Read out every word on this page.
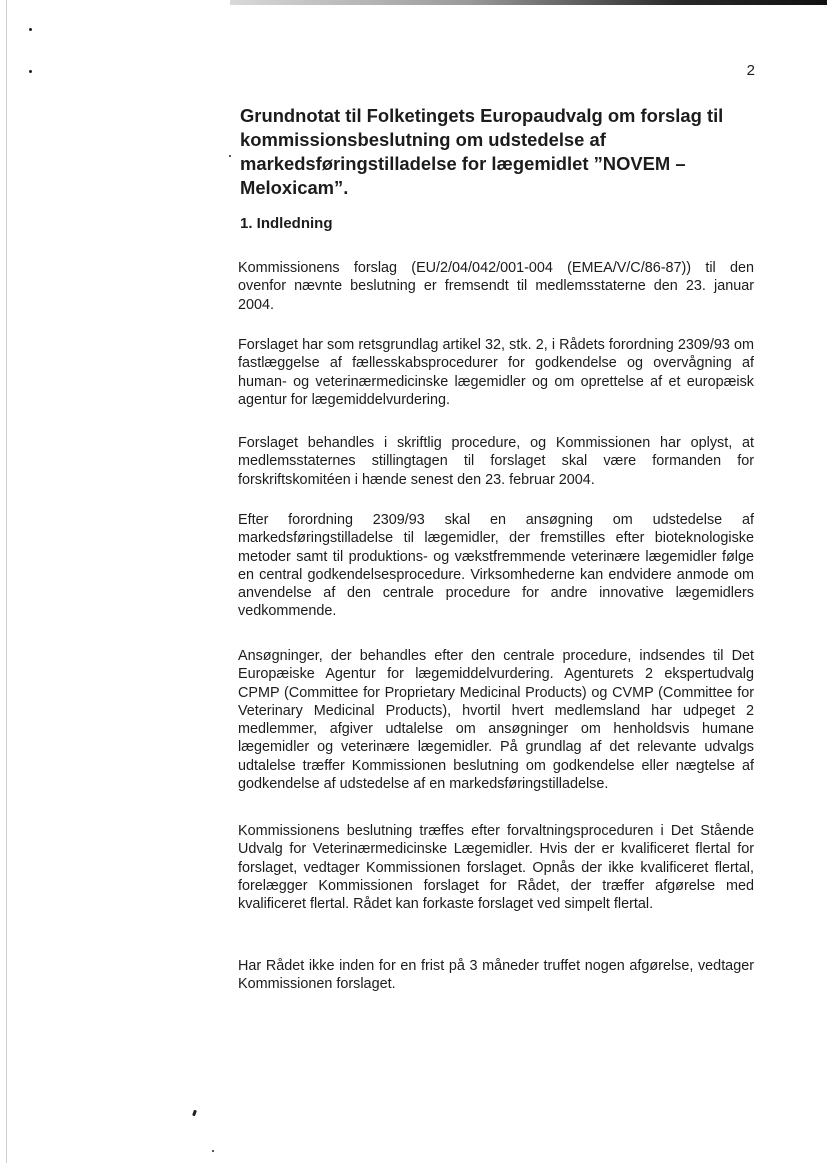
2
Grundnotat til Folketingets Europaudvalg om forslag til kommissionsbeslutning om udstedelse af markedsføringstilladelse for lægemidlet ”NOVEM – Meloxicam”.
1. Indledning

Kommissionens forslag (EU/2/04/042/001-004 (EMEA/V/C/86-87)) til den ovenfor nævnte beslutning er fremsendt til medlemsstaterne den 23. januar 2004.

Forslaget har som retsgrundlag artikel 32, stk. 2, i Rådets forordning 2309/93 om fastlæggelse af fællesskabsprocedurer for godkendelse og overvågning af human- og veterinærmedicinske lægemidler og om oprettelse af et europæisk agentur for lægemiddelvurdering.

Forslaget behandles i skriftlig procedure, og Kommissionen har oplyst, at medlemsstaternes stillingtagen til forslaget skal være formanden for forskriftskomitéen i hænde senest den 23. februar 2004.

Efter forordning 2309/93 skal en ansøgning om udstedelse af markedsføringstilladelse til lægemidler, der fremstilles efter bioteknologiske metoder samt til produktions- og vækstfremmende veterinære lægemidler følge en central godkendelsesprocedure. Virksomhederne kan endvidere anmode om anvendelse af den centrale procedure for andre innovative lægemidlers vedkommende.

Ansøgninger, der behandles efter den centrale procedure, indsendes til Det Europæiske Agentur for lægemiddelvurdering. Agenturets 2 ekspertudvalg CPMP (Committee for Proprietary Medicinal Products) og CVMP (Committee for Veterinary Medicinal Products), hvortil hvert medlemsland har udpeget 2 medlemmer, afgiver udtalelse om ansøgninger om henholdsvis humane lægemidler og veterinære lægemidler. På grundlag af det relevante udvalgs udtalelse træffer Kommissionen beslutning om godkendelse eller nægtelse af godkendelse af udstedelse af en markedsføringstilladelse.

Kommissionens beslutning træffes efter forvaltningsproceduren i Det Stående Udvalg for Veterinærmedicinske Lægemidler. Hvis der er kvalificeret flertal for forslaget, vedtager Kommissionen forslaget. Opnås der ikke kvalificeret flertal, forelægger Kommissionen forslaget for Rådet, der træffer afgørelse med kvalificeret flertal. Rådet kan forkaste forslaget ved simpelt flertal.

Har Rådet ikke inden for en frist på 3 måneder truffet nogen afgørelse, vedtager Kommissionen forslaget.
